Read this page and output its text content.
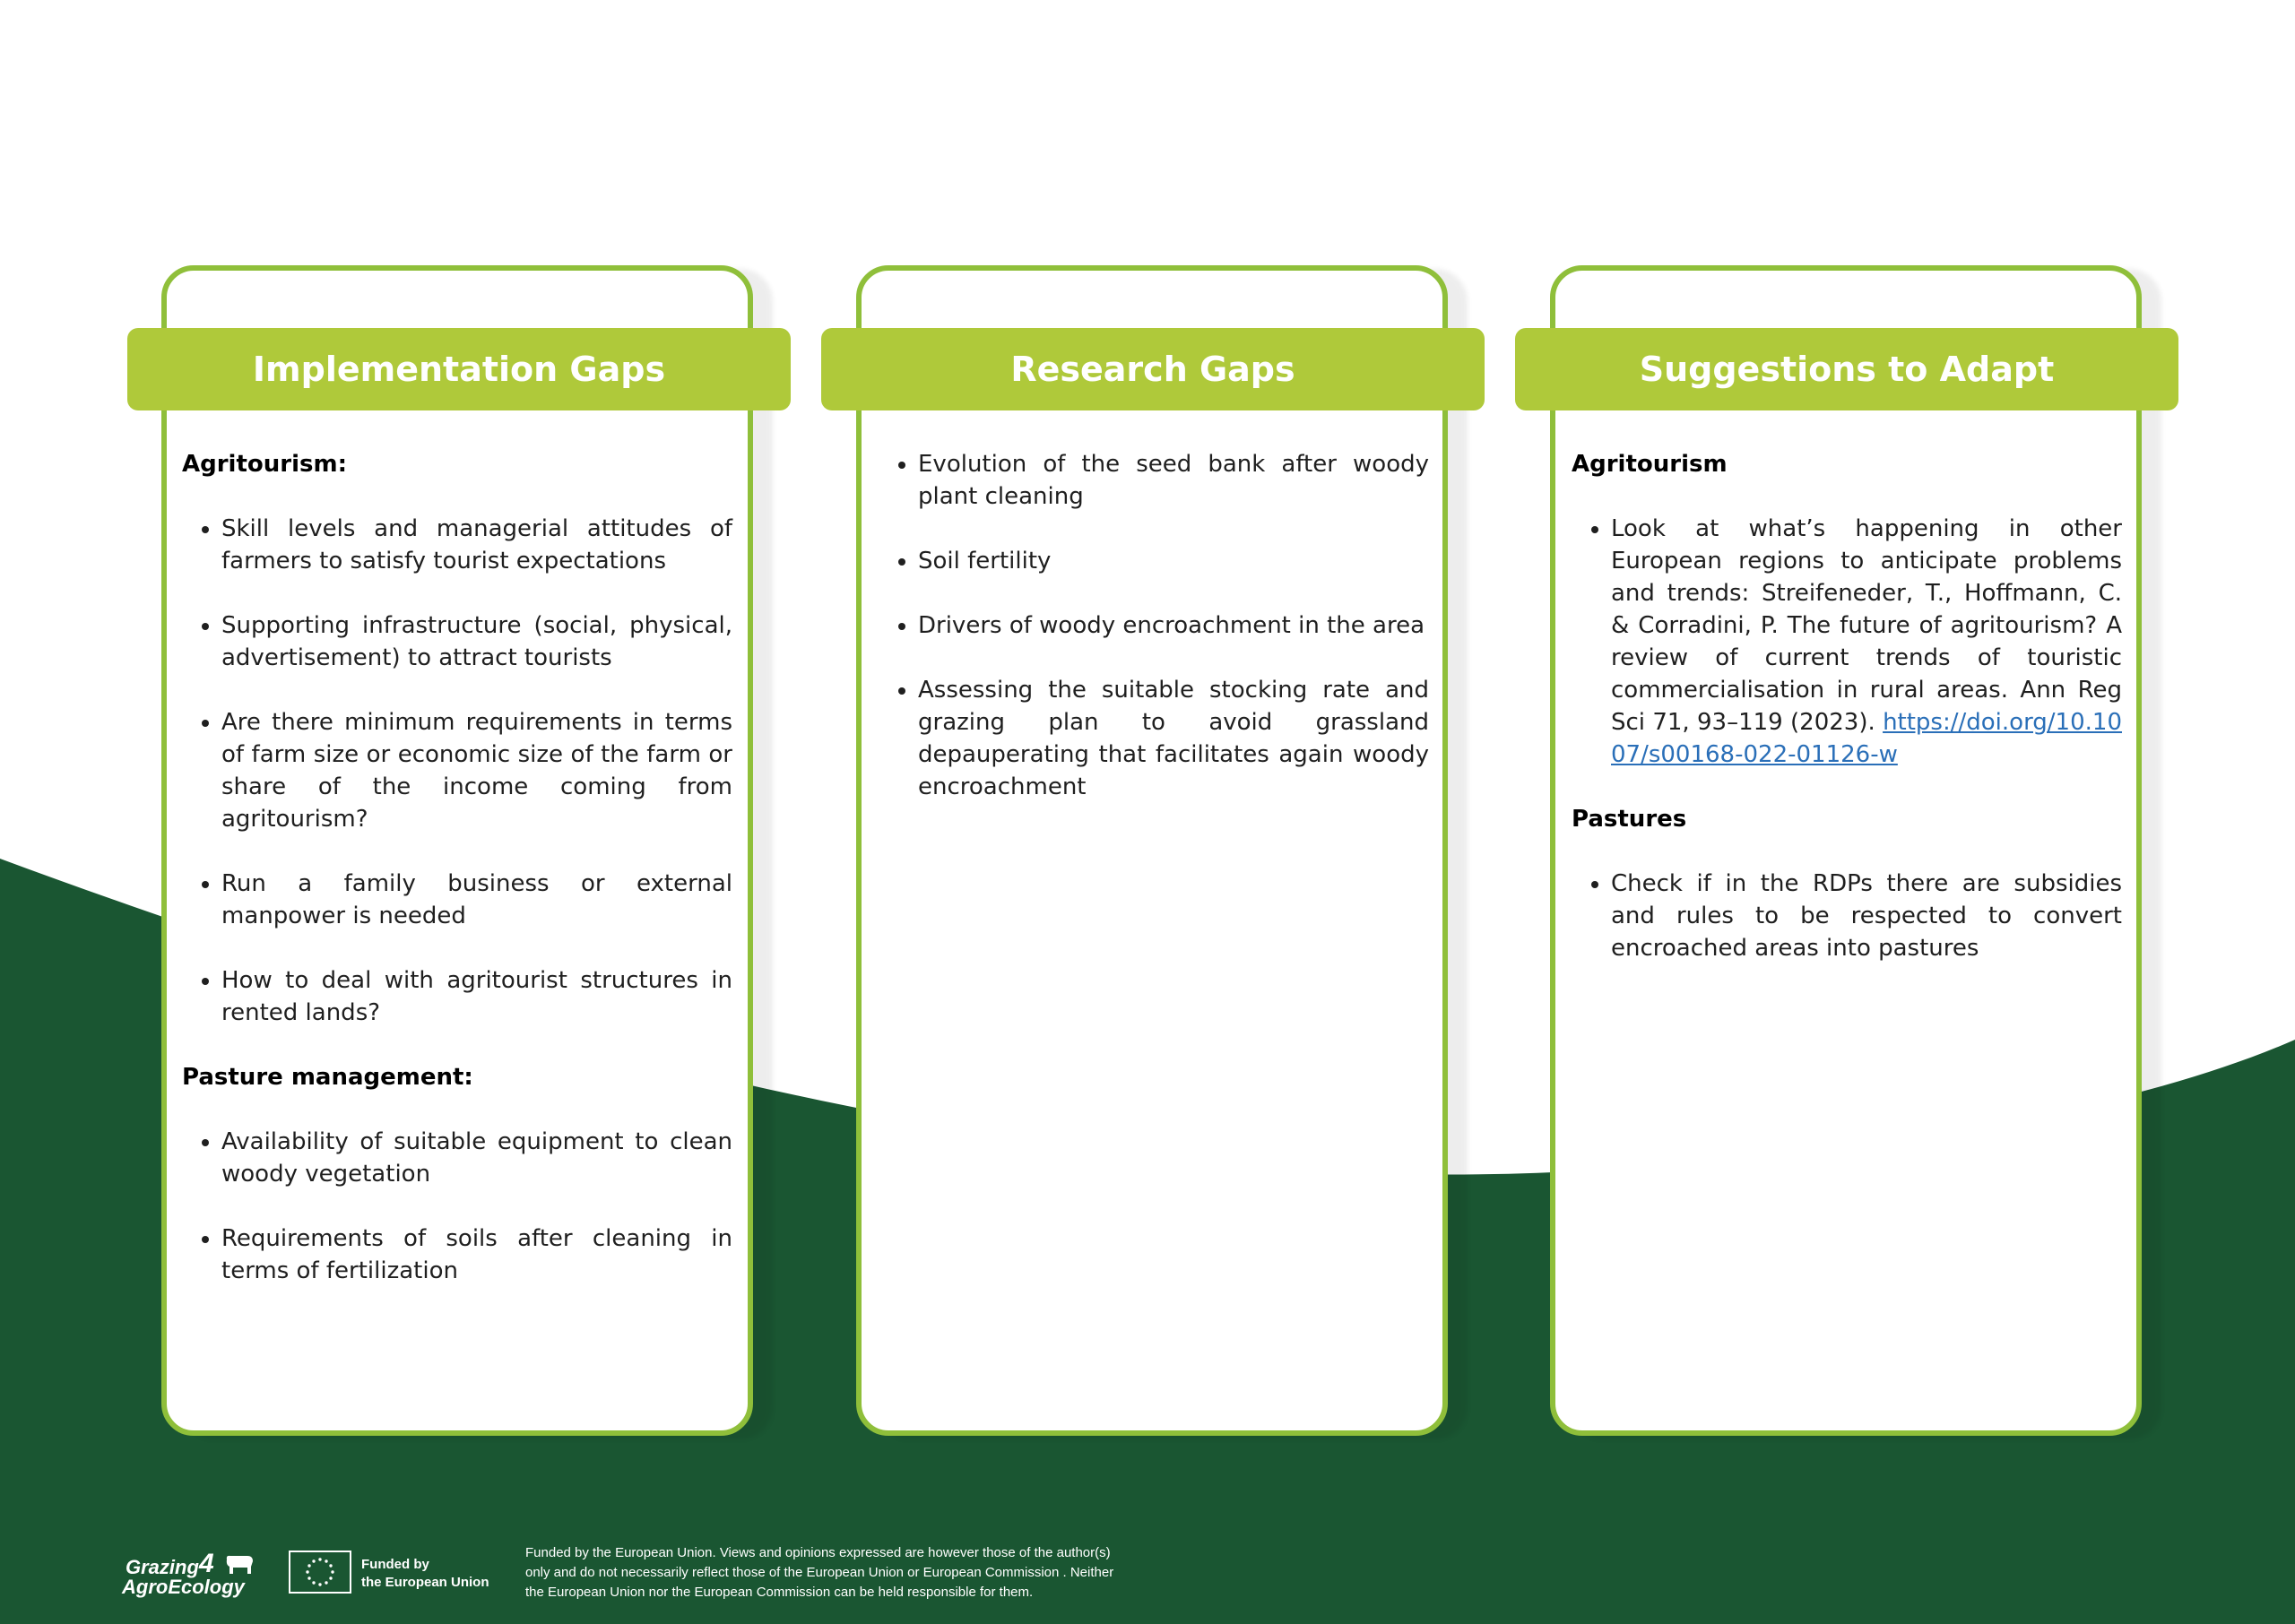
Implementation Gaps
Agritourism:
• Skill levels and managerial attitudes of farmers to satisfy tourist expectations
• Supporting infrastructure (social, physical, advertisement) to attract tourists
• Are there minimum requirements in terms of farm size or economic size of the farm or share of the income coming from agritourism?
• Run a family business or external manpower is needed
• How to deal with agritourist structures in rented lands?
Pasture management:
• Availability of suitable equipment to clean woody vegetation
• Requirements of soils after cleaning in terms of fertilization
Research Gaps
• Evolution of the seed bank after woody plant cleaning
• Soil fertility
• Drivers of woody encroachment in the area
• Assessing the suitable stocking rate and grazing plan to avoid grassland depauperating that facilitates again woody encroachment
Suggestions to Adapt
Agritourism
• Look at what’s happening in other European regions to anticipate problems and trends: Streifeneder, T., Hoffmann, C. & Corradini, P. The future of agritourism? A review of current trends of touristic commercialisation in rural areas. Ann Reg Sci 71, 93–119 (2023). https://doi.org/10.1007/s00168-022-01126-w
Pastures
• Check if in the RDPs there are subsidies and rules to be respected to convert encroached areas into pastures
Grazing
AgroEcology
4	Funded by
the European Union
Funded by the European Union. Views and opinions expressed are however those of the author(s)
only and do not necessarily reflect those of the European Union or European Commission . Neither
the European Union nor the European Commission can be held responsible for them.
